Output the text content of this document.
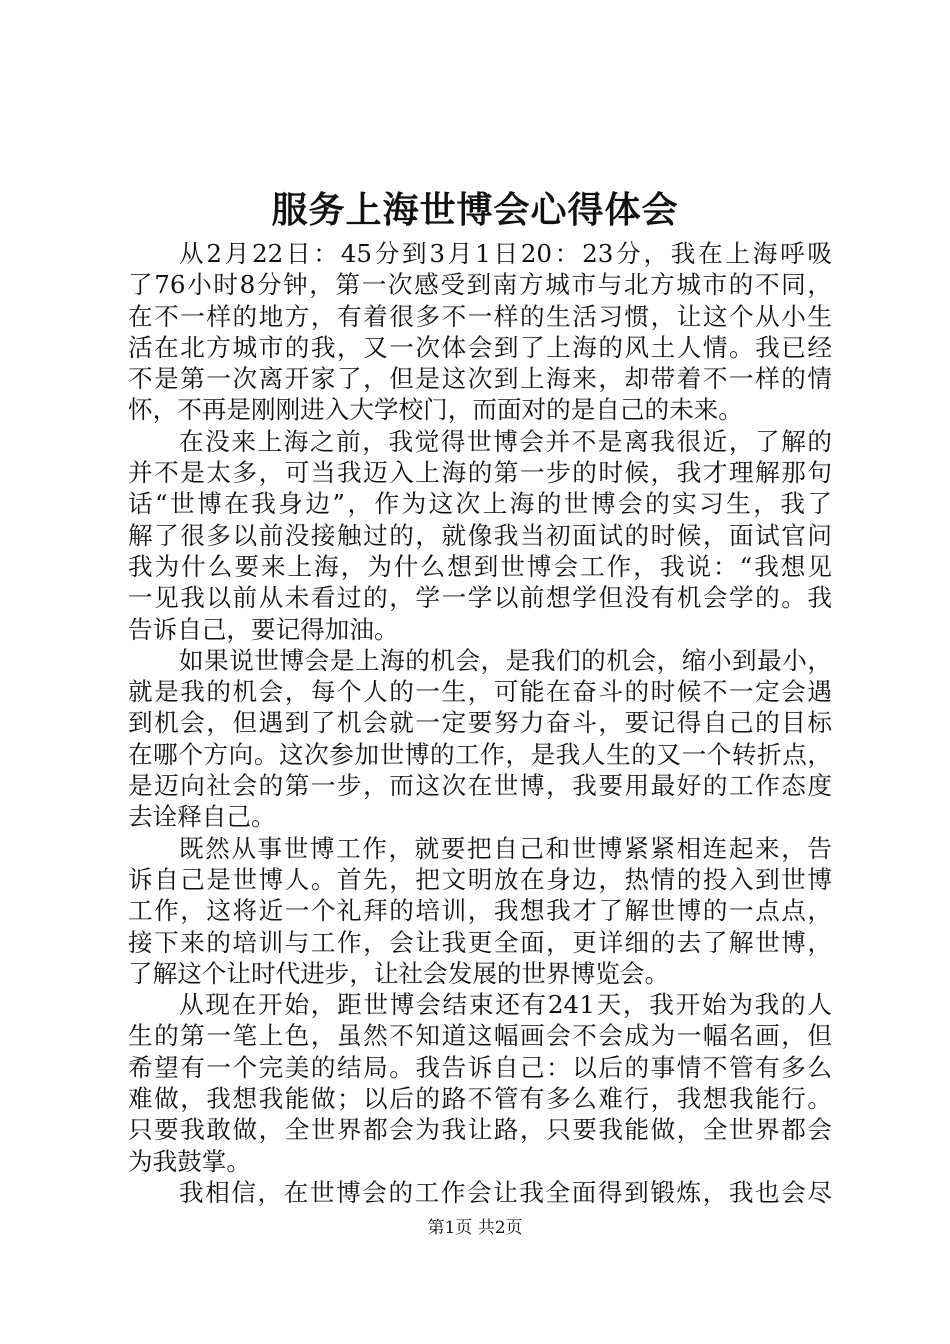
服务上海世博会心得体会
从2月22日：45分到3月1日20：23分，我在上海呼吸
了76小时8分钟，第一次感受到南方城市与北方城市的不同，
在不一样的地方，有着很多不一样的生活习惯，让这个从小生
活在北方城市的我，又一次体会到了上海的风土人情。我已经
不是第一次离开家了，但是这次到上海来，却带着不一样的情
怀，不再是刚刚进入大学校门，而面对的是自己的未来。
在没来上海之前，我觉得世博会并不是离我很近，了解的
并不是太多，可当我迈入上海的第一步的时候，我才理解那句
话“世博在我身边”，作为这次上海的世博会的实习生，我了
解了很多以前没接触过的，就像我当初面试的时候，面试官问
我为什么要来上海，为什么想到世博会工作，我说：“我想见
一见我以前从未看过的，学一学以前想学但没有机会学的。我
告诉自己，要记得加油。
如果说世博会是上海的机会，是我们的机会，缩小到最小，
就是我的机会，每个人的一生，可能在奋斗的时候不一定会遇
到机会，但遇到了机会就一定要努力奋斗，要记得自己的目标
在哪个方向。这次参加世博的工作，是我人生的又一个转折点，
是迈向社会的第一步，而这次在世博，我要用最好的工作态度
去诠释自己。
既然从事世博工作，就要把自己和世博紧紧相连起来，告
诉自己是世博人。首先，把文明放在身边，热情的投入到世博
工作，这将近一个礼拜的培训，我想我才了解世博的一点点，
接下来的培训与工作，会让我更全面，更详细的去了解世博，
了解这个让时代进步，让社会发展的世界博览会。
从现在开始，距世博会结束还有241天，我开始为我的人
生的第一笔上色，虽然不知道这幅画会不会成为一幅名画，但
希望有一个完美的结局。我告诉自己：以后的事情不管有多么
难做，我想我能做；以后的路不管有多么难行，我想我能行。
只要我敢做，全世界都会为我让路，只要我能做，全世界都会
为我鼓掌。
我相信，在世博会的工作会让我全面得到锻炼，我也会尽
第1页 共2页
